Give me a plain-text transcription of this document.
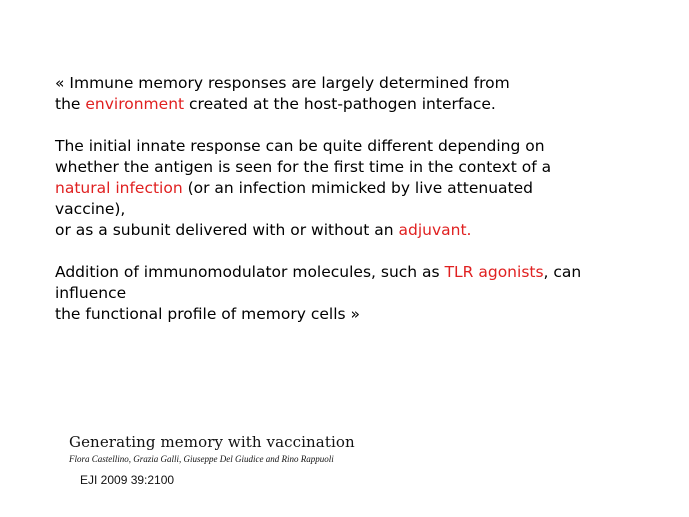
« Immune memory responses are largely determined from
the environment created at the host-pathogen interface.
The initial innate response can be quite different depending on
whether the antigen is seen for the first time in the context of a
natural infection (or an infection mimicked by live attenuated
vaccine),
or as a subunit delivered with or without an adjuvant.
Addition of immunomodulator molecules, such as TLR agonists, can
influence
the functional profile of memory cells »
Generating memory with vaccination
Flora Castellino, Grazia Galli, Giuseppe Del Giudice and Rino Rappuoli
EJI 2009 39:2100
